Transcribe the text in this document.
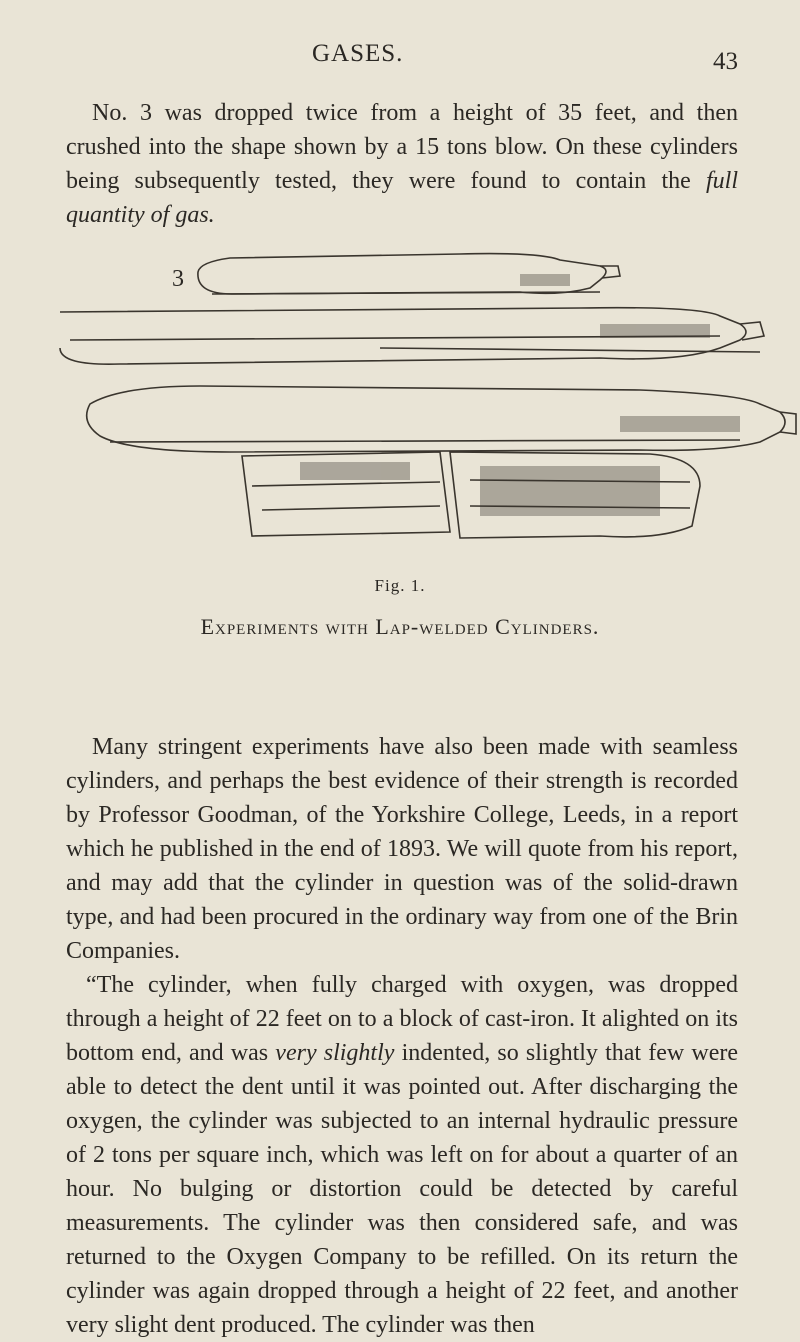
GASES.	43

No. 3 was dropped twice from a height of 35 feet, and then crushed into the shape shown by a 15 tons blow. On these cylinders being subsequently tested, they were found to contain the full quantity of gas.

3
Fig. 1.
Experiments with Lap-welded Cylinders.

Many stringent experiments have also been made with seamless cylinders, and perhaps the best evidence of their strength is recorded by Professor Goodman, of the Yorkshire College, Leeds, in a report which he published in the end of 1893. We will quote from his report, and may add that the cylinder in question was of the solid-drawn type, and had been procured in the ordinary way from one of the Brin Companies.

“The cylinder, when fully charged with oxygen, was dropped through a height of 22 feet on to a block of cast-iron. It alighted on its bottom end, and was very slightly indented, so slightly that few were able to detect the dent until it was pointed out. After discharging the oxygen, the cylinder was subjected to an internal hydraulic pressure of 2 tons per square inch, which was left on for about a quarter of an hour. No bulging or distortion could be detected by careful measurements. The cylinder was then considered safe, and was returned to the Oxygen Company to be refilled. On its return the cylinder was again dropped through a height of 22 feet, and another very slight dent produced. The cylinder was then
